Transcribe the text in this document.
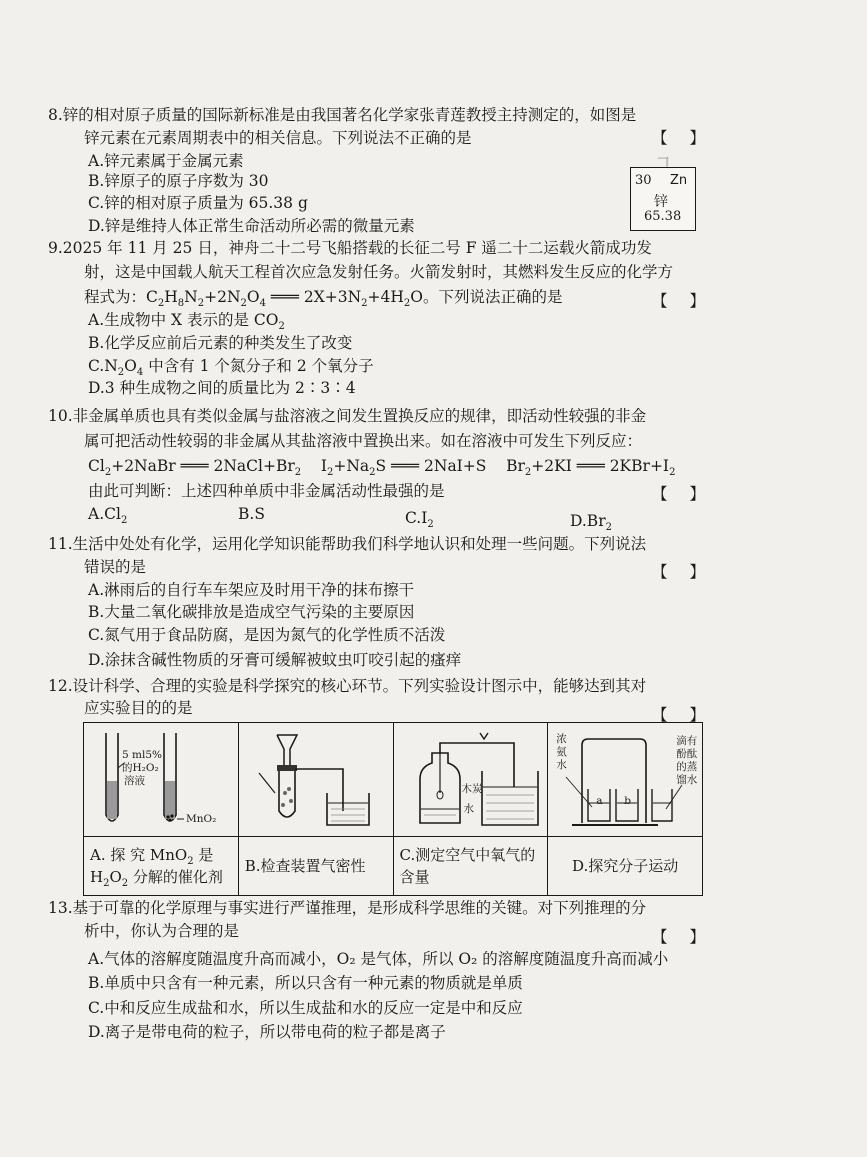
8.锌的相对原子质量的国际新标准是由我国著名化学家张青莲教授主持测定的，如图是
锌元素在元素周期表中的相关信息。下列说法不正确的是	【】
A.锌元素属于金属元素
B.锌原子的原子序数为 30
C.锌的相对原子质量为 65.38 g
D.锌是维持人体正常生命活动所必需的微量元素
30 Zn
锌
65.38
9.2025 年 11 月 25 日，神舟二十二号飞船搭载的长征二号 F 遥二十二运载火箭成功发
射，这是中国载人航天工程首次应急发射任务。火箭发射时，其燃料发生反应的化学方
程式为：$C_2H_8N_2+2N_2O_4$ ═══ $2X+3N_2+4H_2O$。下列说法正确的是	【】
A.生成物中 X 表示的是 $CO_2$
B.化学反应前后元素的种类发生了改变
$C.N_2O_4$ 中含有 1 个氮分子和 2 个氧分子
D.3 种生成物之间的质量比为 2∶3∶4
10.非金属单质也具有类似金属与盐溶液之间发生置换反应的规律，即活动性较强的非金
属可把活动性较弱的非金属从其盐溶液中置换出来。如在溶液中可发生下列反应：
$Cl_2+2NaBr$ ═══ $2NaCl+Br_2$    $I_2+Na_2S$ ═══ 2NaI+S    $Br_2+2KI$ ═══ $2KBr+I_2$
由此可判断：上述四种单质中非金属活动性最强的是	【】
$A.Cl_2$	B.S	$C.I_2$	$D.Br_2$
11.生活中处处有化学，运用化学知识能帮助我们科学地认识和处理一些问题。下列说法
错误的是	【】
A.淋雨后的自行车车架应及时用干净的抹布擦干
B.大量二氧化碳排放是造成空气污染的主要原因
C.氮气用于食品防腐，是因为氮气的化学性质不活泼
D.涂抹含碱性物质的牙膏可缓解被蚊虫叮咬引起的瘙痒
12.设计科学、合理的实验是科学探究的核心环节。下列实验设计图示中，能够达到其对
应实验目的的是	【】
5 ml5%
的H₂O₂
溶液
MnO₂		木炭
水	浓氨水
a b
滴有酚酞的蒸馏水

A. 探 究 MnO$_2$ 是
$H_2O_2$ 分解的催化剂	B.检查装置气密性	C.测定空气中氧气的含量	D.探究分子运动
13.基于可靠的化学原理与事实进行严谨推理，是形成科学思维的关键。对下列推理的分
析中，你认为合理的是	【】
A.气体的溶解度随温度升高而减小，O₂ 是气体，所以 O₂ 的溶解度随温度升高而减小
B.单质中只含有一种元素，所以只含有一种元素的物质就是单质
C.中和反应生成盐和水，所以生成盐和水的反应一定是中和反应
D.离子是带电荷的粒子，所以带电荷的粒子都是离子
